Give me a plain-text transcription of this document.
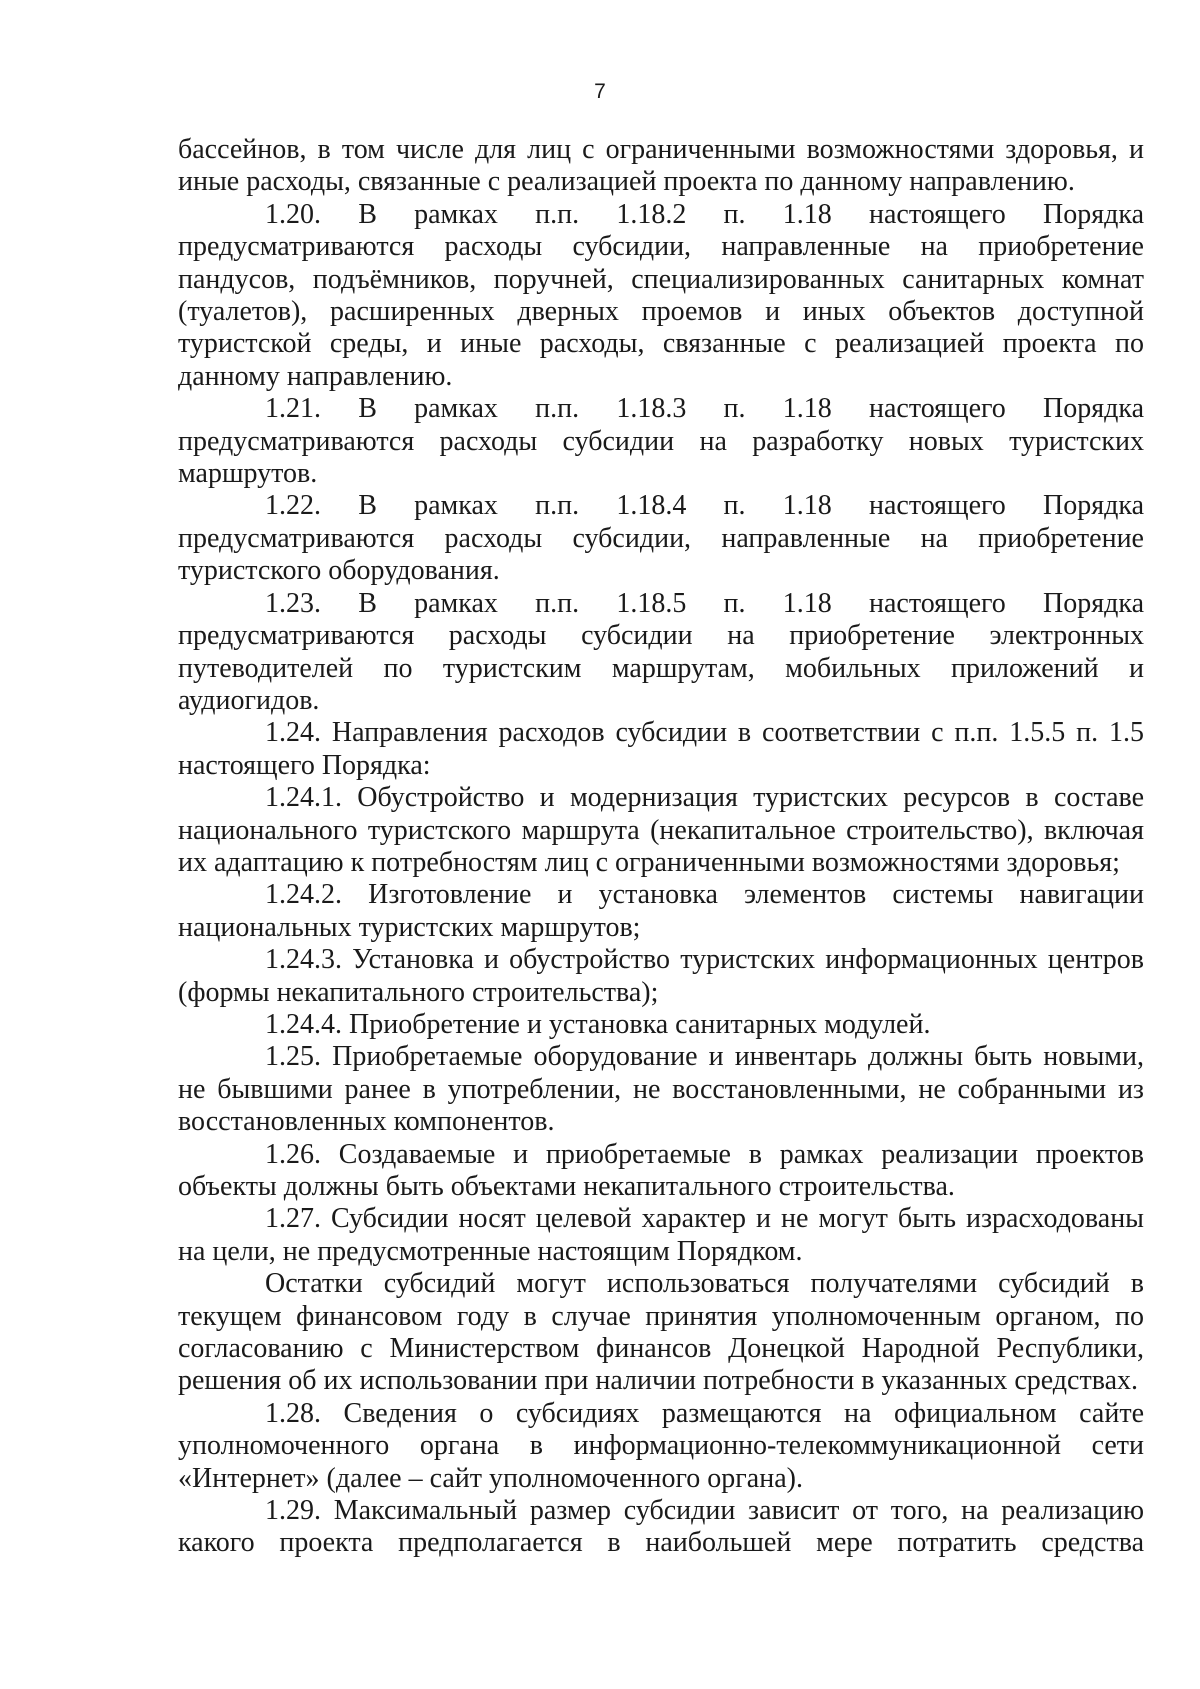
7

бассейнов, в том числе для лиц с ограниченными возможностями здоровья, и иные расходы, связанные с реализацией проекта по данному направлению.

1.20. В рамках п.п. 1.18.2 п. 1.18 настоящего Порядка предусматриваются расходы субсидии, направленные на приобретение пандусов, подъёмников, поручней, специализированных санитарных комнат (туалетов), расширенных дверных проемов и иных объектов доступной туристской среды, и иные расходы, связанные с реализацией проекта по данному направлению.

1.21. В рамках п.п. 1.18.3 п. 1.18 настоящего Порядка предусматриваются расходы субсидии на разработку новых туристских маршрутов.

1.22. В рамках п.п. 1.18.4 п. 1.18 настоящего Порядка предусматриваются расходы субсидии, направленные на приобретение туристского оборудования.

1.23. В рамках п.п. 1.18.5 п. 1.18 настоящего Порядка предусматриваются расходы субсидии на приобретение электронных путеводителей по туристским маршрутам, мобильных приложений и аудиогидов.

1.24. Направления расходов субсидии в соответствии с п.п. 1.5.5 п. 1.5 настоящего Порядка:

1.24.1. Обустройство и модернизация туристских ресурсов в составе национального туристского маршрута (некапитальное строительство), включая их адаптацию к потребностям лиц с ограниченными возможностями здоровья;

1.24.2. Изготовление и установка элементов системы навигации национальных туристских маршрутов;

1.24.3. Установка и обустройство туристских информационных центров (формы некапитального строительства);

1.24.4. Приобретение и установка санитарных модулей.

1.25. Приобретаемые оборудование и инвентарь должны быть новыми, не бывшими ранее в употреблении, не восстановленными, не собранными из восстановленных компонентов.

1.26. Создаваемые и приобретаемые в рамках реализации проектов объекты должны быть объектами некапитального строительства.

1.27. Субсидии носят целевой характер и не могут быть израсходованы на цели, не предусмотренные настоящим Порядком.

Остатки субсидий могут использоваться получателями субсидий в текущем финансовом году в случае принятия уполномоченным органом, по согласованию с Министерством финансов Донецкой Народной Республики, решения об их использовании при наличии потребности в указанных средствах.

1.28. Сведения о субсидиях размещаются на официальном сайте уполномоченного органа в информационно-телекоммуникационной сети «Интернет» (далее – сайт уполномоченного органа).

1.29. Максимальный размер субсидии зависит от того, на реализацию какого проекта предполагается в наибольшей мере потратить средства
